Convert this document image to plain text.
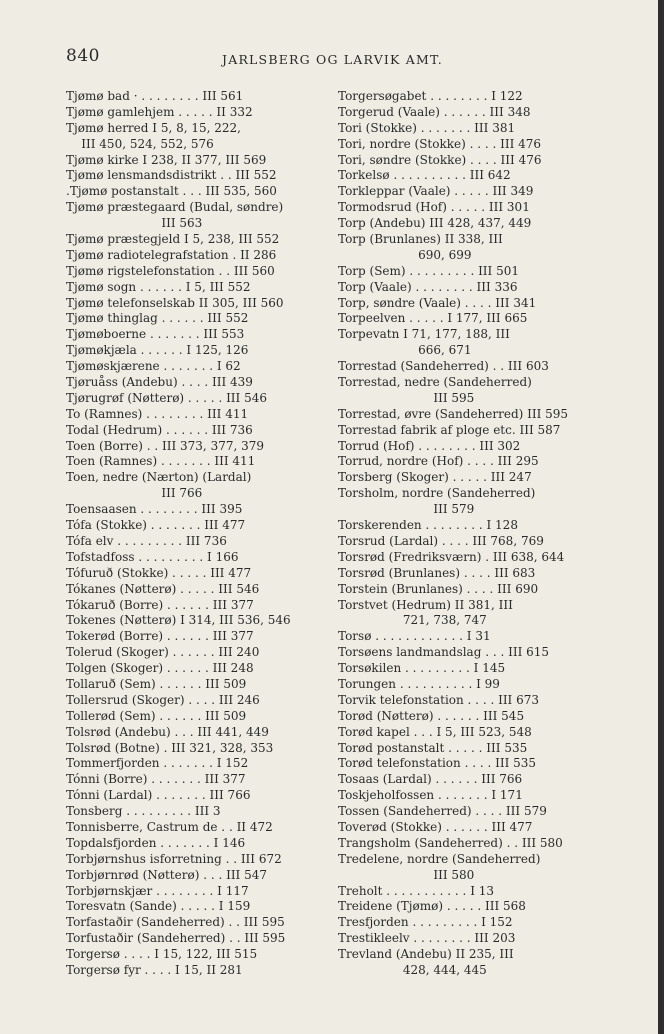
840	JARLSBERG OG LARVIK AMT.
Tjømø bad · . . . . . . . . III 561
Tjømø gamlehjem . . . . . II 332
Tjømø herred I 5, 8, 15, 222,
III 450, 524, 552, 576
Tjømø kirke I 238, II 377, III 569
Tjømø lensmandsdistrikt . . III 552
.Tjømø postanstalt . . . III 535, 560
Tjømø præstegaard (Budal, søndre)
III 563
Tjømø præstegjeld I 5, 238, III 552
Tjømø radiotelegrafstation . II 286
Tjømø rigstelefonstation . . III 560
Tjømø sogn . . . . . . I 5, III 552
Tjømø telefonselskab II 305, III 560
Tjømø thinglag . . . . . . III 552
Tjømøboerne . . . . . . . III 553
Tjømøkjæla . . . . . . I 125, 126
Tjømøskjærene . . . . . . . I 62
Tjøruåss (Andebu) . . . . III 439
Tjørugrøf (Nøtterø) . . . . . III 546
To (Ramnes) . . . . . . . . III 411
Todal (Hedrum) . . . . . . III 736
Toen (Borre) . . III 373, 377, 379
Toen (Ramnes) . . . . . . . III 411
Toen, nedre (Nærton) (Lardal)
III 766
Toensaasen . . . . . . . . III 395
Tófa (Stokke) . . . . . . . III 477
Tófa elv . . . . . . . . . III 736
Tofstadfoss . . . . . . . . . I 166
Tófuruð (Stokke) . . . . . III 477
Tókanes (Nøtterø) . . . . . III 546
Tókaruð (Borre) . . . . . . III 377
Tokenes (Nøtterø) I 314, III 536, 546
Tokerød (Borre) . . . . . . III 377
Tolerud (Skoger) . . . . . . III 240
Tolgen (Skoger) . . . . . . III 248
Tollaruð (Sem) . . . . . . III 509
Tollersrud (Skoger) . . . . III 246
Tollerød (Sem) . . . . . . III 509
Tolsrød (Andebu) . . . III 441, 449
Tolsrød (Botne) . III 321, 328, 353
Tommerfjorden . . . . . . . I 152
Tónni (Borre) . . . . . . . III 377
Tónni (Lardal) . . . . . . . III 766
Tonsberg . . . . . . . . . III 3
Tonnisberre, Castrum de . . II 472
Topdalsfjorden . . . . . . . I 146
Torbjørnshus isforretning . . III 672
Torbjørnrød (Nøtterø) . . . III 547
Torbjørnskjær . . . . . . . . I 117
Toresvatn (Sande) . . . . . I 159
Torfastaðir (Sandeherred) . . III 595
Torfustaðir (Sandeherred) . . III 595
Torgersø . . . . I 15, 122, III 515
Torgersø fyr . . . . I 15, II 281
Torgersøgabet . . . . . . . . I 122
Torgerud (Vaale) . . . . . . III 348
Tori (Stokke) . . . . . . . III 381
Tori, nordre (Stokke) . . . . III 476
Tori, søndre (Stokke) . . . . III 476
Torkelsø . . . . . . . . . . III 642
Torkleppar (Vaale) . . . . . III 349
Tormodsrud (Hof) . . . . . III 301
Torp (Andebu) III 428, 437, 449
Torp (Brunlanes) II 338, III
690, 699
Torp (Sem) . . . . . . . . . III 501
Torp (Vaale) . . . . . . . . III 336
Torp, søndre (Vaale) . . . . III 341
Torpeelven . . . . . I 177, III 665
Torpevatn I 71, 177, 188, III
666, 671
Torrestad (Sandeherred) . . III 603
Torrestad, nedre (Sandeherred)
III 595
Torrestad, øvre (Sandeherred) III 595
Torrestad fabrik af ploge etc. III 587
Torrud (Hof) . . . . . . . . III 302
Torrud, nordre (Hof) . . . . III 295
Torsberg (Skoger) . . . . . III 247
Torsholm, nordre (Sandeherred)
III 579
Torskerenden . . . . . . . . I 128
Torsrud (Lardal) . . . . III 768, 769
Torsrød (Fredriksværn) . III 638, 644
Torsrød (Brunlanes) . . . . III 683
Torstein (Brunlanes) . . . . III 690
Torstvet (Hedrum) II 381, III
721, 738, 747
Torsø . . . . . . . . . . . . I 31
Torsøens landmandslag . . . III 615
Torsøkilen . . . . . . . . . I 145
Torungen . . . . . . . . . . I 99
Torvik telefonstation . . . . III 673
Torød (Nøtterø) . . . . . . III 545
Torød kapel . . . I 5, III 523, 548
Torød postanstalt . . . . . III 535
Torød telefonstation . . . . III 535
Tosaas (Lardal) . . . . . . III 766
Toskjeholfossen . . . . . . . I 171
Tossen (Sandeherred) . . . . III 579
Toverød (Stokke) . . . . . . III 477
Trangsholm (Sandeherred) . . III 580
Tredelene, nordre (Sandeherred)
III 580
Treholt . . . . . . . . . . . I 13
Treidene (Tjømø) . . . . . III 568
Tresfjorden . . . . . . . . . I 152
Trestikleelv . . . . . . . . III 203
Trevland (Andebu) II 235, III
428, 444, 445
